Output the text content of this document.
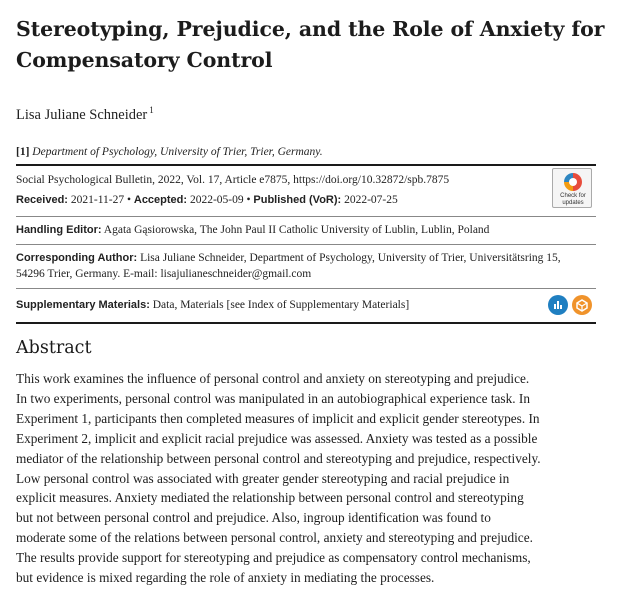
Stereotyping, Prejudice, and the Role of Anxiety for Compensatory Control
Lisa Juliane Schneider $^1$
[1] Department of Psychology, University of Trier, Trier, Germany.
Social Psychological Bulletin, 2022, Vol. 17, Article e7875, https://doi.org/10.32872/spb.7875
Received: 2021-11-27 • Accepted: 2022-05-09 • Published (VoR): 2022-07-25	Check for
updates
Handling Editor: Agata Gąsiorowska, The John Paul II Catholic University of Lublin, Lublin, Poland
Corresponding Author: Lisa Juliane Schneider, Department of Psychology, University of Trier, Universitätsring 15,
54296 Trier, Germany. E-mail: lisajulianeschneider@gmail.com
Supplementary Materials: Data, Materials [see Index of Supplementary Materials]
Abstract
This work examines the influence of personal control and anxiety on stereotyping and prejudice.
In two experiments, personal control was manipulated in an autobiographical experience task. In
Experiment 1, participants then completed measures of implicit and explicit gender stereotypes. In
Experiment 2, implicit and explicit racial prejudice was assessed. Anxiety was tested as a possible
mediator of the relationship between personal control and stereotyping and prejudice, respectively.
Low personal control was associated with greater gender stereotyping and racial prejudice in
explicit measures. Anxiety mediated the relationship between personal control and stereotyping
but not between personal control and prejudice. Also, ingroup identification was found to
moderate some of the relations between personal control, anxiety and stereotyping and prejudice.
The results provide support for stereotyping and prejudice as compensatory control mechanisms,
but evidence is mixed regarding the role of anxiety in mediating the processes.
